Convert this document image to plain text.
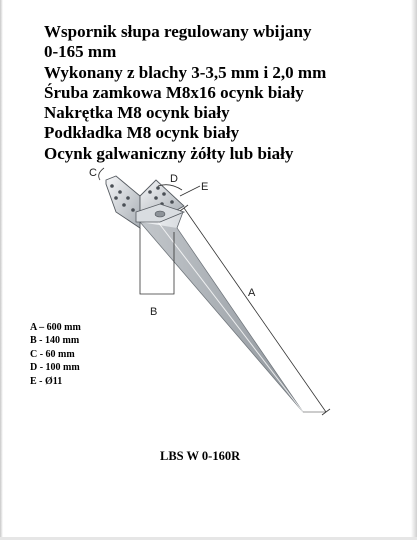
Wspornik słupa regulowany wbijany
0-165 mm
Wykonany z blachy 3-3,5 mm i 2,0 mm
Śruba zamkowa M8x16 ocynk biały
Nakrętka M8 ocynk biały
Podkładka M8 ocynk biały
Ocynk galwaniczny żółty lub biały
C	D
E
B
A
A – 600 mm
B - 140 mm
C - 60 mm
D - 100 mm
E - Ø11
LBS W 0-160R
